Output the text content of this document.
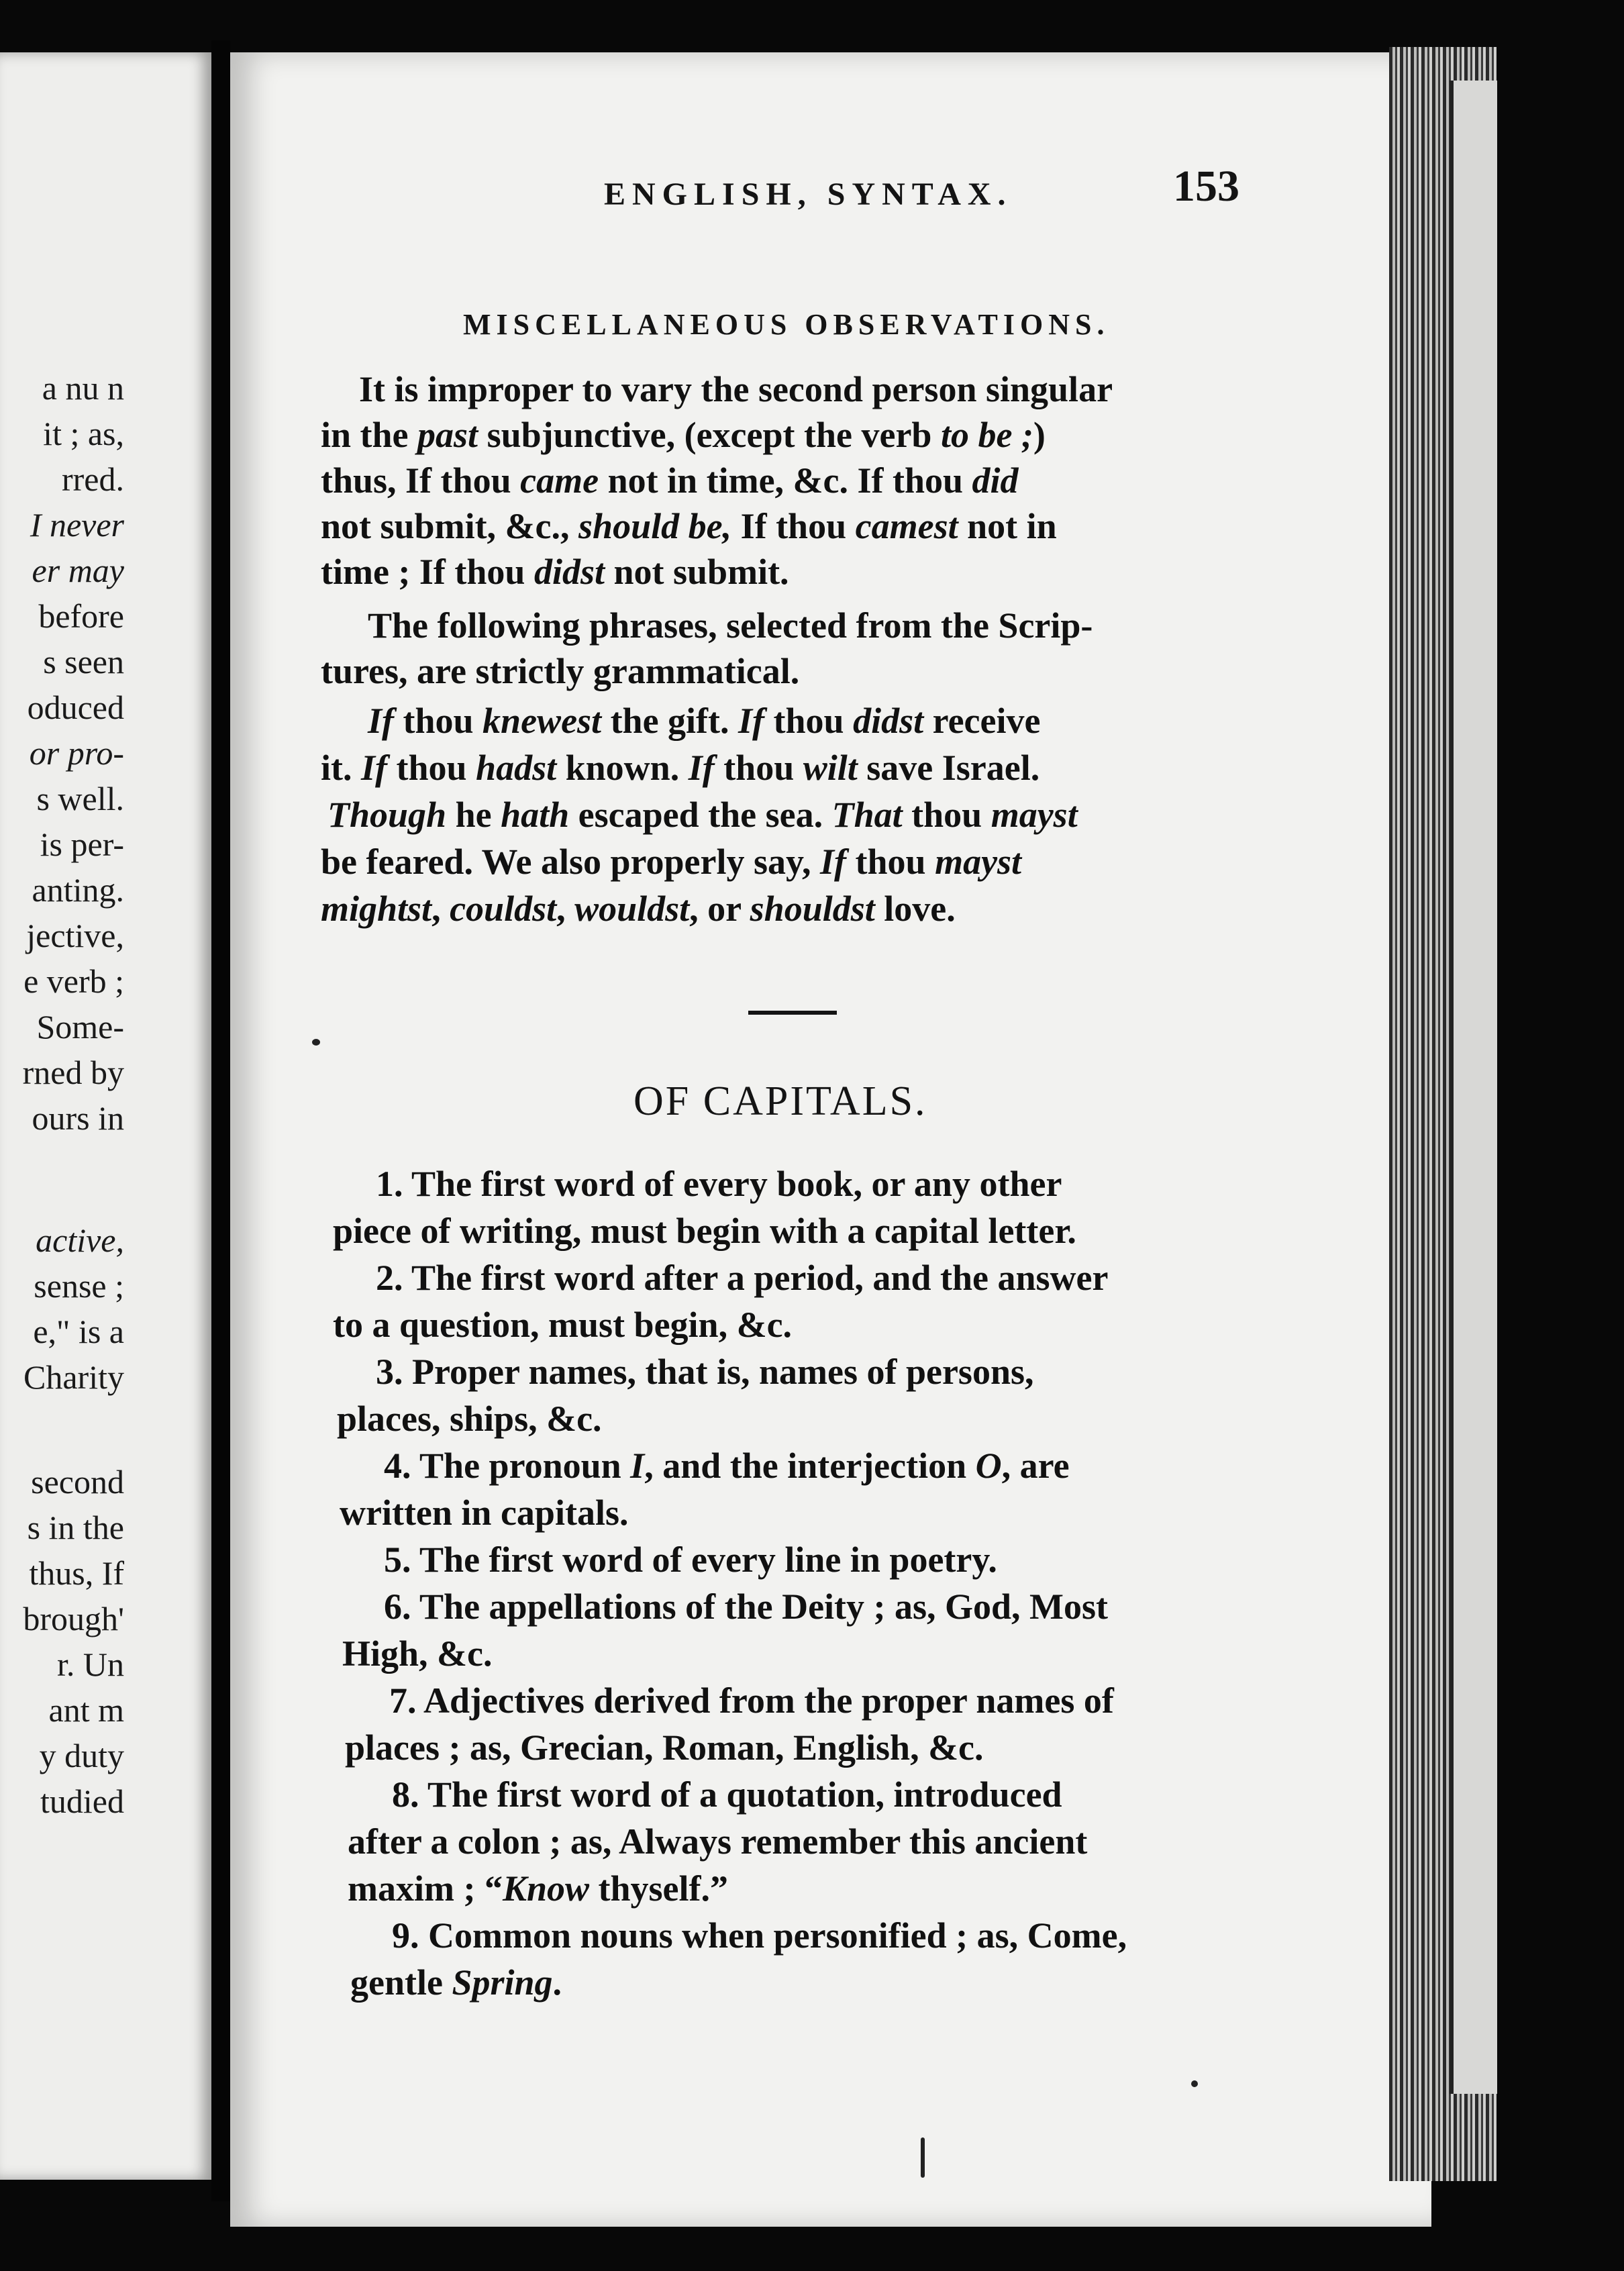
a nu n
it ; as,
rred.
I never
er may
before
s seen
oduced
or pro-
s well.
is per-
anting.
jective,
e verb ;
Some-
rned by
ours in
active,
sense ;
e," is a
Charity
second
s in the
thus, If
brough'
r. Un
ant m
y duty
tudied
ENGLISH, SYNTAX.	153
MISCELLANEOUS OBSERVATIONS.
It is improper to vary the second person singular
in the past subjunctive, (except the verb to be ;)
thus, If thou came not in time, &c. If thou did
not submit, &c., should be, If thou camest not in
time ; If thou didst not submit.
The following phrases, selected from the Scrip-
tures, are strictly grammatical.
If thou knewest the gift. If thou didst receive
it. If thou hadst known. If thou wilt save Israel.
Though he hath escaped the sea. That thou mayst
be feared. We also properly say, If thou mayst
mightst, couldst, wouldst, or shouldst love.
OF CAPITALS.
1. The first word of every book, or any other
piece of writing, must begin with a capital letter.
2. The first word after a period, and the answer
to a question, must begin, &c.
3. Proper names, that is, names of persons,
places, ships, &c.
4. The pronoun I, and the interjection O, are
written in capitals.
5. The first word of every line in poetry.
6. The appellations of the Deity ; as, God, Most
High, &c.
7. Adjectives derived from the proper names of
places ; as, Grecian, Roman, English, &c.
8. The first word of a quotation, introduced
after a colon ; as, Always remember this ancient
maxim ; “Know thyself.”
9. Common nouns when personified ; as, Come,
gentle Spring.
